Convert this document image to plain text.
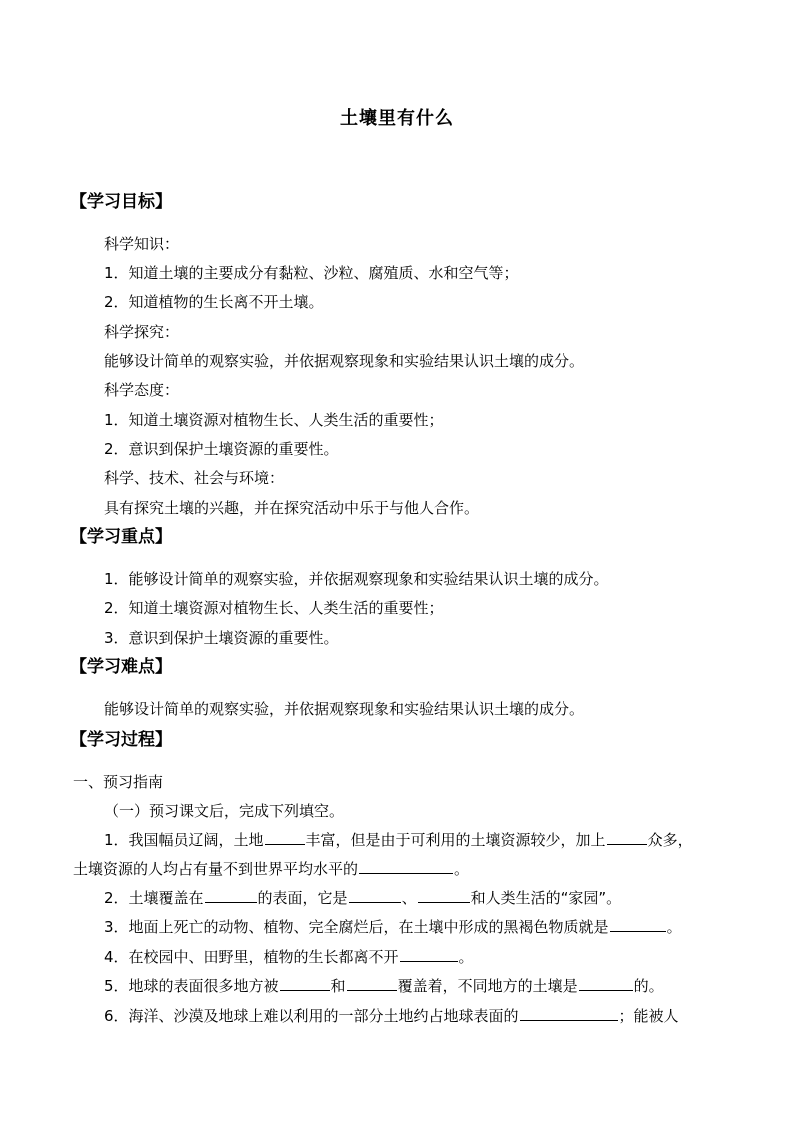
土壤里有什么
【学习目标】
科学知识：
1．知道土壤的主要成分有黏粒、沙粒、腐殖质、水和空气等；
2．知道植物的生长离不开土壤。
科学探究：
能够设计简单的观察实验，并依据观察现象和实验结果认识土壤的成分。
科学态度：
1．知道土壤资源对植物生长、人类生活的重要性；
2．意识到保护土壤资源的重要性。
科学、技术、社会与环境：
具有探究土壤的兴趣，并在探究活动中乐于与他人合作。
【学习重点】
1．能够设计简单的观察实验，并依据观察现象和实验结果认识土壤的成分。
2．知道土壤资源对植物生长、人类生活的重要性；
3．意识到保护土壤资源的重要性。
【学习难点】
能够设计简单的观察实验，并依据观察现象和实验结果认识土壤的成分。
【学习过程】
一、预习指南
（一）预习课文后，完成下列填空。
1．我国幅员辽阔，土地	丰富，但是由于可利用的土壤资源较少，加上	众多，
土壤资源的人均占有量不到世界平均水平的	。
2．土壤覆盖在	的表面，它是	、	和人类生活的“家园”。
3．地面上死亡的动物、植物、完全腐烂后，在土壤中形成的黑褐色物质就是	。
4．在校园中、田野里，植物的生长都离不开	。
5．地球的表面很多地方被	和	覆盖着，不同地方的土壤是	的。
6．海洋、沙漠及地球上难以利用的一部分土地约占地球表面的	；能被人
